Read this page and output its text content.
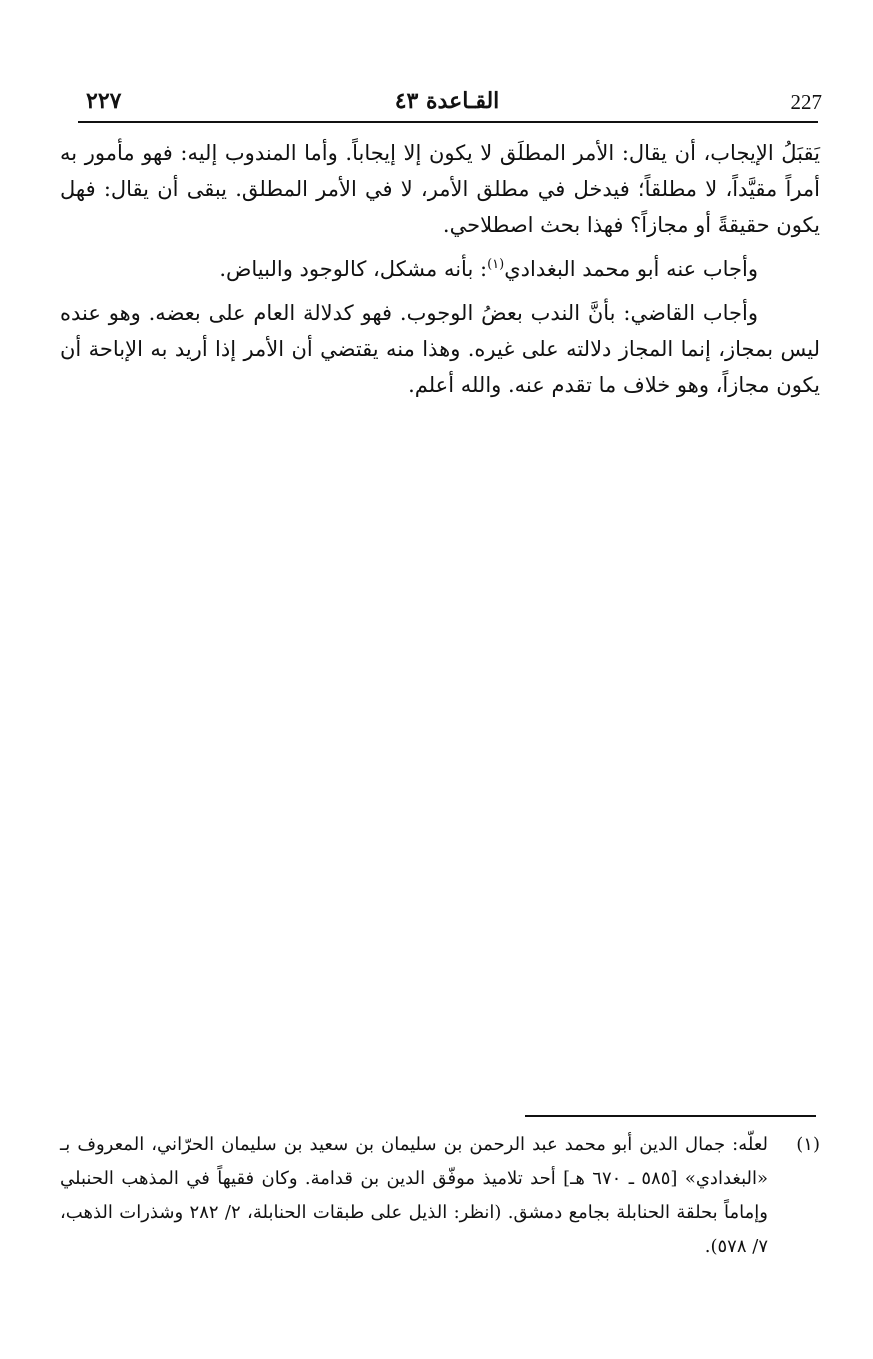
٢٢٧	القـاعدة ٤٣	227

يَقبَلُ الإيجاب، أن يقال: الأمر المطلَق لا يكون إلا إيجاباً. وأما المندوب إليه: فهو مأمور به أمراً مقيَّداً، لا مطلقاً؛ فيدخل في مطلق الأمر، لا في الأمر المطلق. يبقى أن يقال: فهل يكون حقيقةً أو مجازاً؟ فهذا بحث اصطلاحي.

وأجاب عنه أبو محمد البغدادي$^{(١)}$: بأنه مشكل، كالوجود والبياض.

وأجاب القاضي: بأنَّ الندب بعضُ الوجوب. فهو كدلالة العام على بعضه. وهو عنده ليس بمجاز، إنما المجاز دلالته على غيره. وهذا منه يقتضي أن الأمر إذا أريد به الإباحة أن يكون مجازاً، وهو خلاف ما تقدم عنه. والله أعلم.

(١)
لعلّه: جمال الدين أبو محمد عبد الرحمن بن سليمان بن سعيد بن سليمان الحرّاني، المعروف بـ «البغدادي» [٥٨٥ ـ ٦٧٠ هـ] أحد تلاميذ موفّق الدين بن قدامة. وكان فقيهاً في المذهب الحنبلي وإماماً بحلقة الحنابلة بجامع دمشق. (انظر: الذيل على طبقات الحنابلة، ٢/ ٢٨٢ وشذرات الذهب، ٧/ ٥٧٨).
